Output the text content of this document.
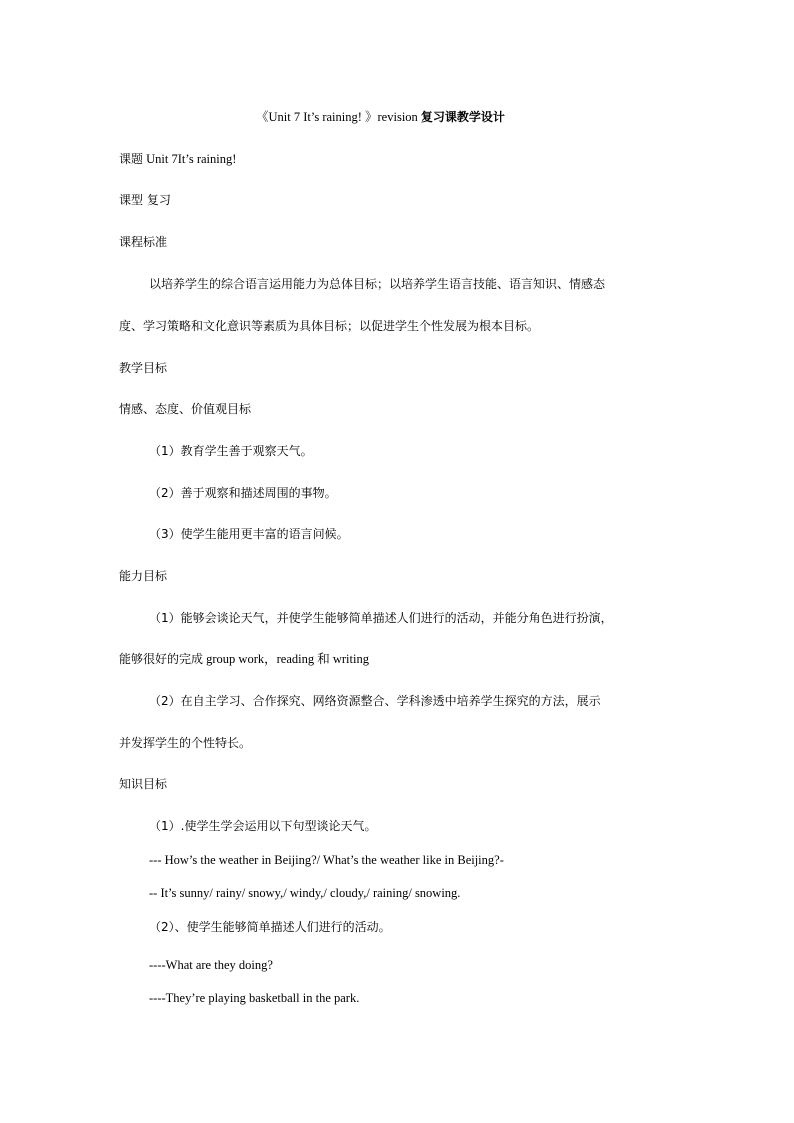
《Unit 7 It’s raining! 》revision 复习课教学设计
课题 Unit 7It’s raining!
课型 复习
课程标准
以培养学生的综合语言运用能力为总体目标；以培养学生语言技能、语言知识、情感态
度、学习策略和文化意识等素质为具体目标；以促进学生个性发展为根本目标。
教学目标
情感、态度、价值观目标
（1）教育学生善于观察天气。
（2）善于观察和描述周围的事物。
（3）使学生能用更丰富的语言问候。
能力目标
（1）能够会谈论天气，并使学生能够简单描述人们进行的活动，并能分角色进行扮演，
能够很好的完成 group work，reading 和 writing
（2）在自主学习、合作探究、网络资源整合、学科渗透中培养学生探究的方法，展示
并发挥学生的个性特长。
知识目标
（1）.使学生学会运用以下句型谈论天气。
--- How’s the weather in Beijing?/ What’s the weather like in Beijing?-
-- It’s sunny/ rainy/ snowy,/ windy,/ cloudy,/ raining/ snowing.
（2）、使学生能够简单描述人们进行的活动。
----What are they doing?
----They’re playing basketball in the park.
